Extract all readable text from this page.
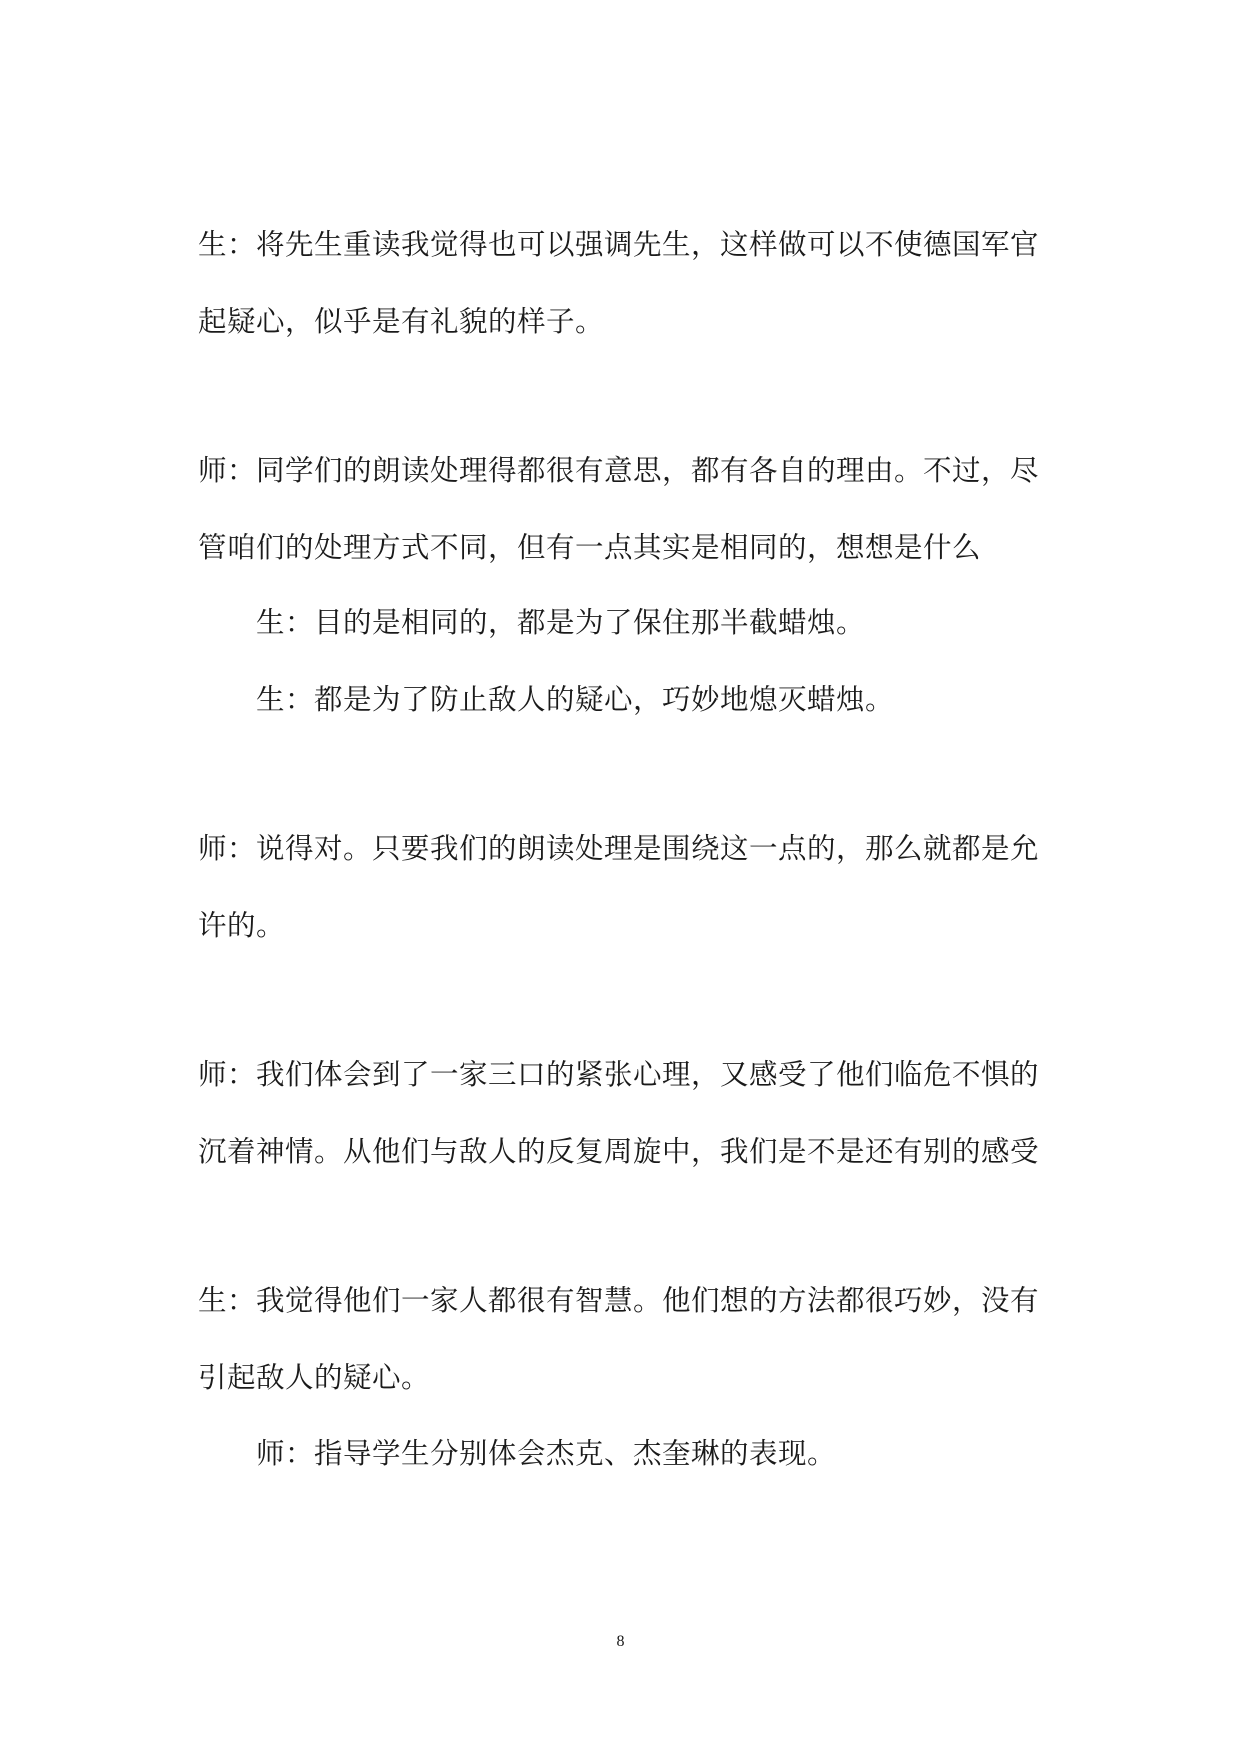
生：将先生重读我觉得也可以强调先生，这样做可以不使德国军官
起疑心，似乎是有礼貌的样子。
师：同学们的朗读处理得都很有意思，都有各自的理由。不过，尽
管咱们的处理方式不同，但有一点其实是相同的，想想是什么
生：目的是相同的，都是为了保住那半截蜡烛。
生：都是为了防止敌人的疑心，巧妙地熄灭蜡烛。
师：说得对。只要我们的朗读处理是围绕这一点的，那么就都是允
许的。
师：我们体会到了一家三口的紧张心理，又感受了他们临危不惧的
沉着神情。从他们与敌人的反复周旋中，我们是不是还有别的感受
生：我觉得他们一家人都很有智慧。他们想的方法都很巧妙，没有
引起敌人的疑心。
师：指导学生分别体会杰克、杰奎琳的表现。
8
